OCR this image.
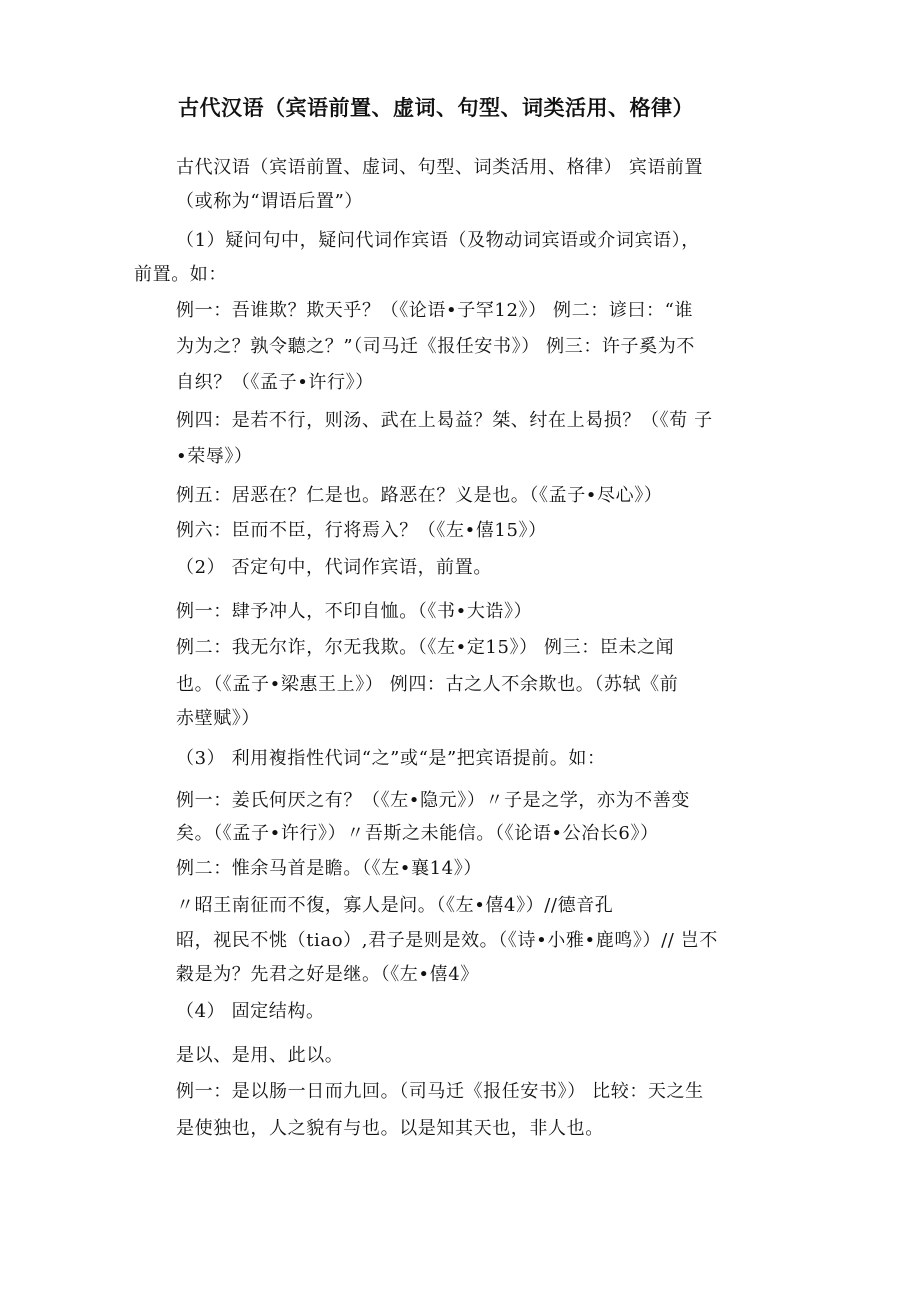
古代汉语（宾语前置、虚词、句型、词类活用、格律）
古代汉语（宾语前置、虚词、句型、词类活用、格律） 宾语前置
（或称为“谓语后置”）
（1）疑问句中，疑问代词作宾语（及物动词宾语或介词宾语），
前置。如：
例一：吾谁欺？欺天乎？（《论语•子罕12》） 例二：谚曰：“谁
为为之？孰令聽之？”（司马迁《报任安书》） 例三：许子奚为不
自织？（《孟子•许行》）
例四：是若不行，则汤、武在上曷益？桀、纣在上曷损？（《荀 子
•荣辱》）
例五：居恶在？仁是也。路恶在？义是也。（《孟子•尽心》）
例六：臣而不臣，行将焉入？（《左•僖15》）
（2） 否定句中，代词作宾语，前置。
例一：肆予冲人，不印自恤。（《书•大诰》）
例二：我无尔诈，尔无我欺。（《左•定15》） 例三：臣未之闻
也。（《孟子•梁惠王上》） 例四：古之人不余欺也。（苏轼《前
赤壁赋》）
（3） 利用複指性代词“之”或“是”把宾语提前。如：
例一：姜氏何厌之有？（《左•隐元》）〃子是之学，亦为不善变
矣。（《孟子•许行》）〃吾斯之未能信。（《论语•公冶长6》）
例二：惟余马首是瞻。（《左•襄14》）
〃昭王南征而不復，寡人是问。（《左•僖4》）//德音孔
昭，视民不恌（tiao）,君子是则是效。（《诗•小雅•鹿鸣》）// 岂不
穀是为？先君之好是继。（《左•僖4》
（4） 固定结构。
是以、是用、此以。
例一：是以肠一日而九回。（司马迁《报任安书》） 比较：天之生
是使独也，人之貌有与也。以是知其天也，非人也。
